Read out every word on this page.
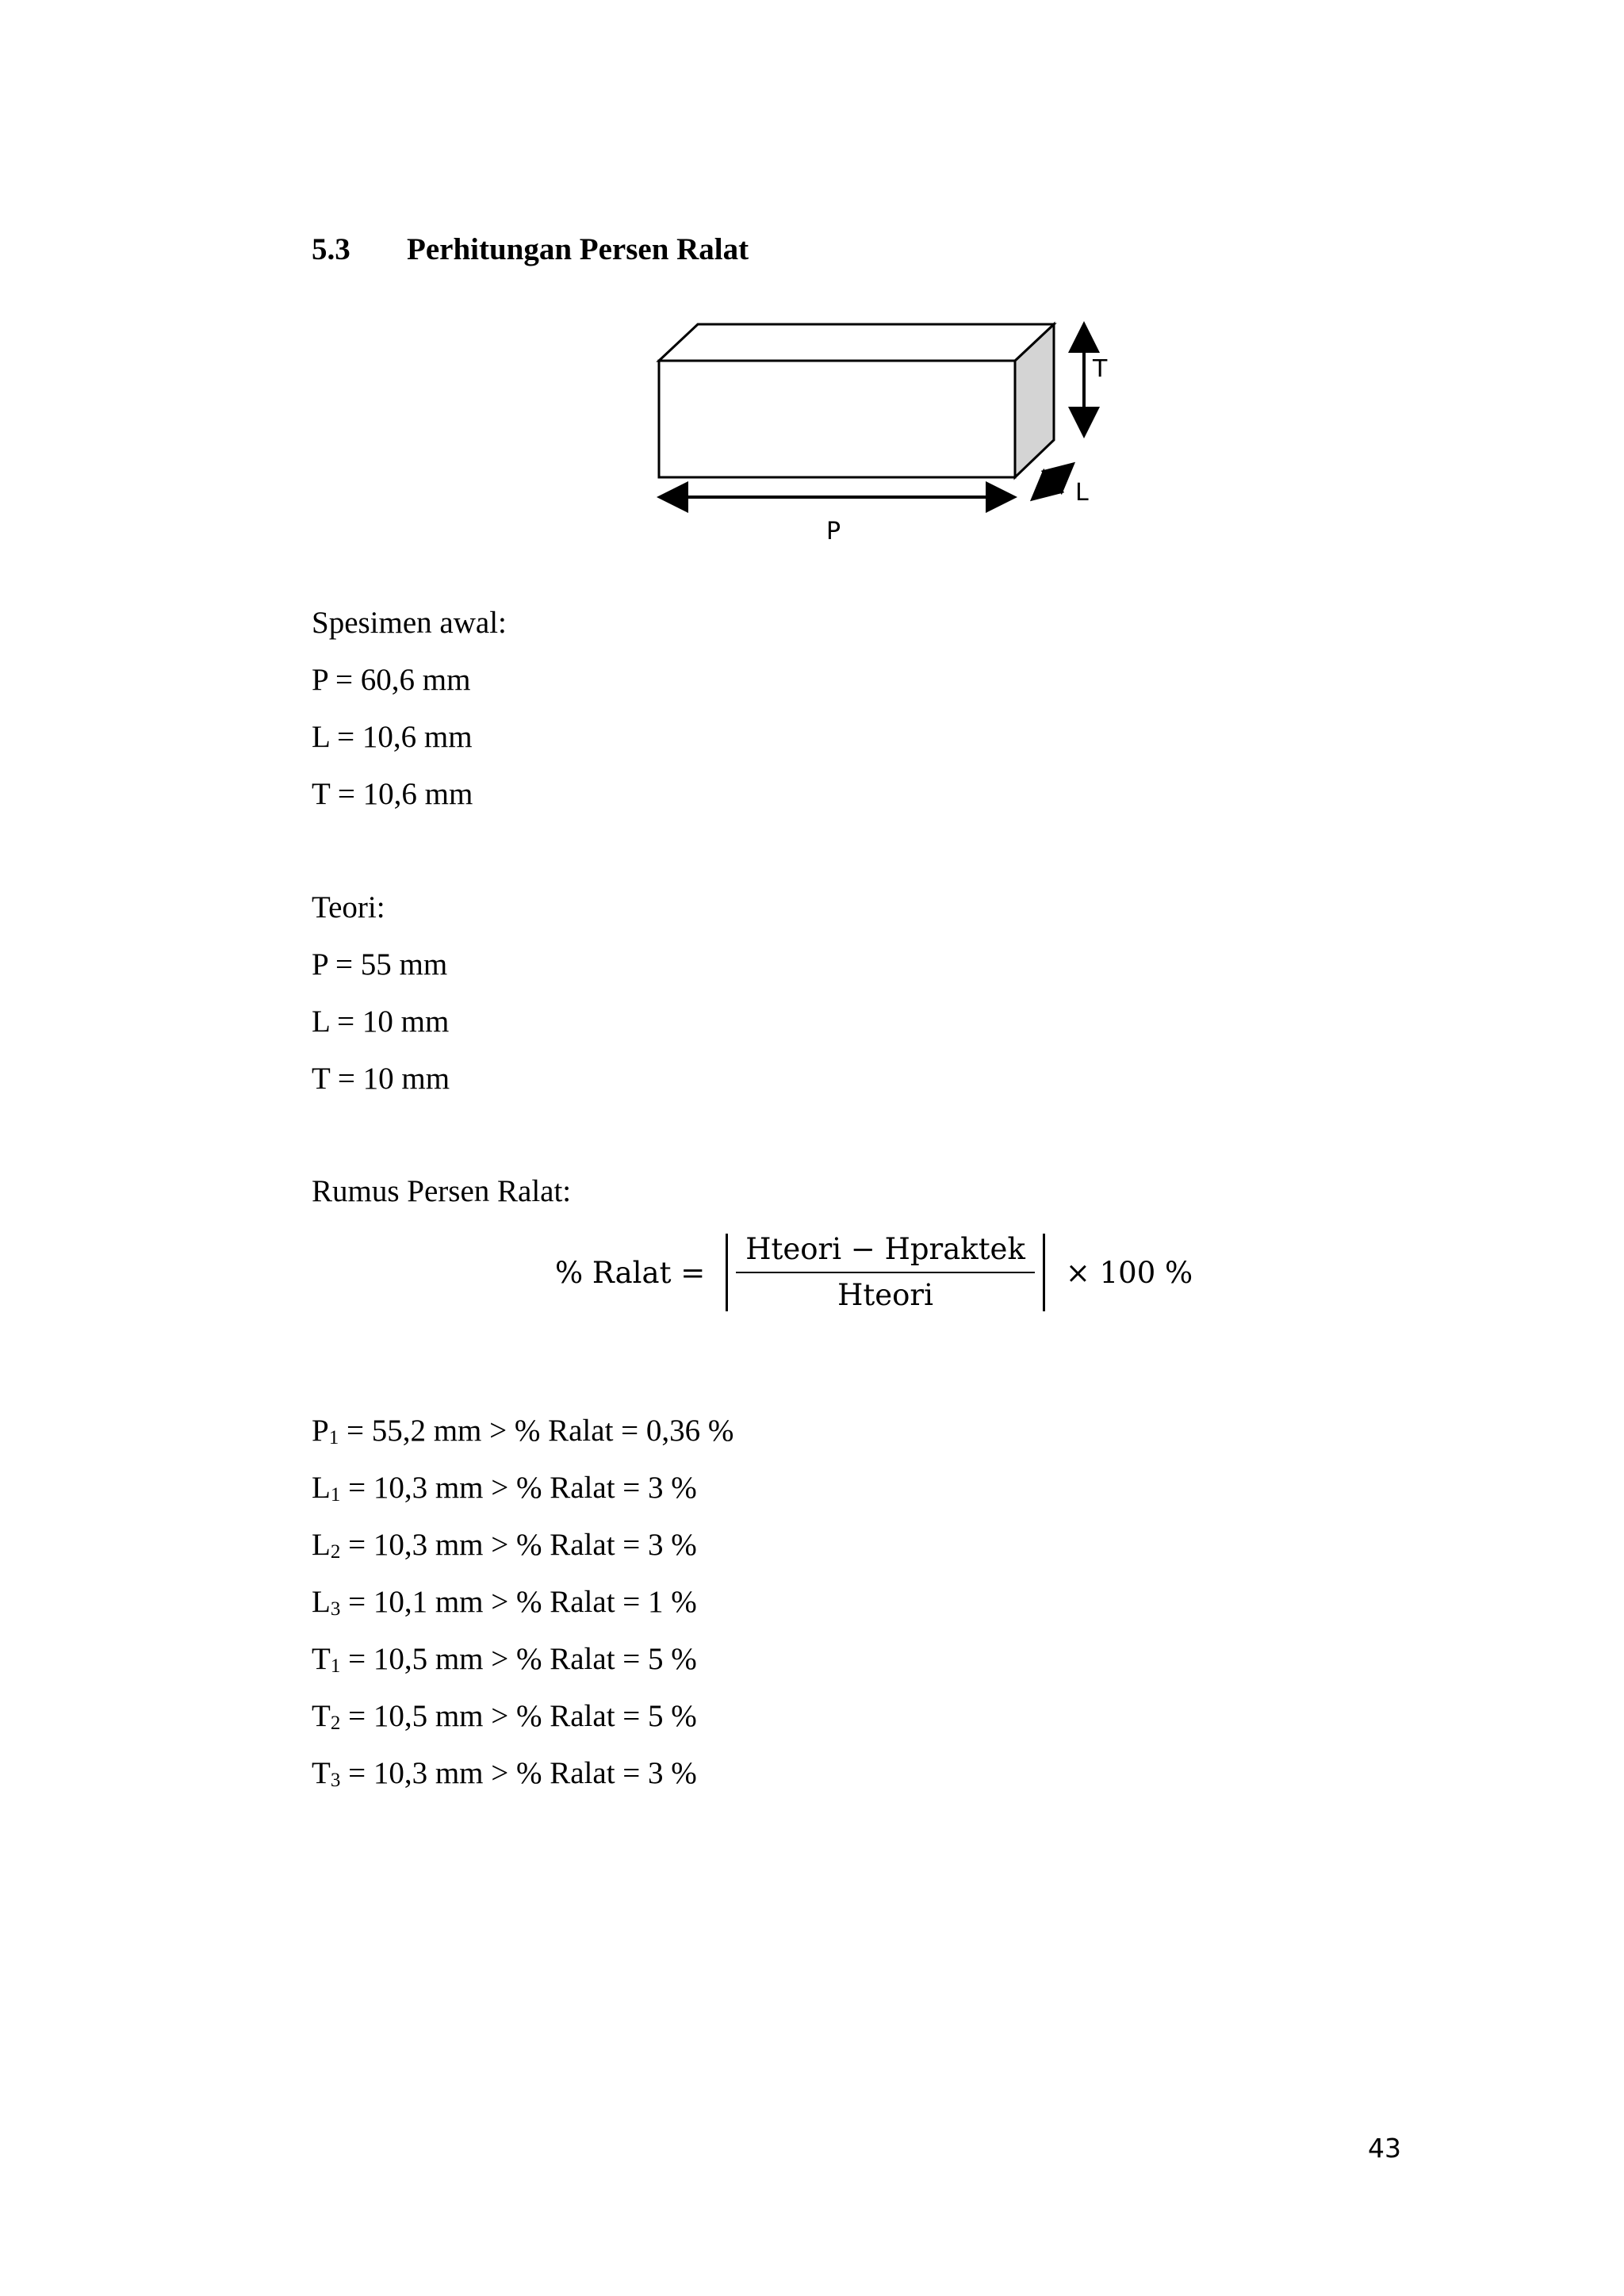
5.3 Perhitungan Persen Ralat
T
L
P
Spesimen awal:
P = 60,6 mm
L = 10,6 mm
T = 10,6 mm
Teori:
P = 55 mm
L = 10 mm
T = 10 mm
Rumus Persen Ralat:
% Ralat = $\frac{\text{Hteori − Hpraktek}}{\text{Hteori}} \times 100$ %
$P_1 = 55,2$ mm > % Ralat = 0,36 %
$L_1 = 10,3$ mm > % Ralat = 3 %
$L_2 = 10,3$ mm > % Ralat = 3 %
$L_3 = 10,1$ mm > % Ralat = 1 %
$T_1 = 10,5$ mm > % Ralat = 5 %
$T_2 = 10,5$ mm > % Ralat = 5 %
$T_3 = 10,3$ mm > % Ralat = 3 %
43
